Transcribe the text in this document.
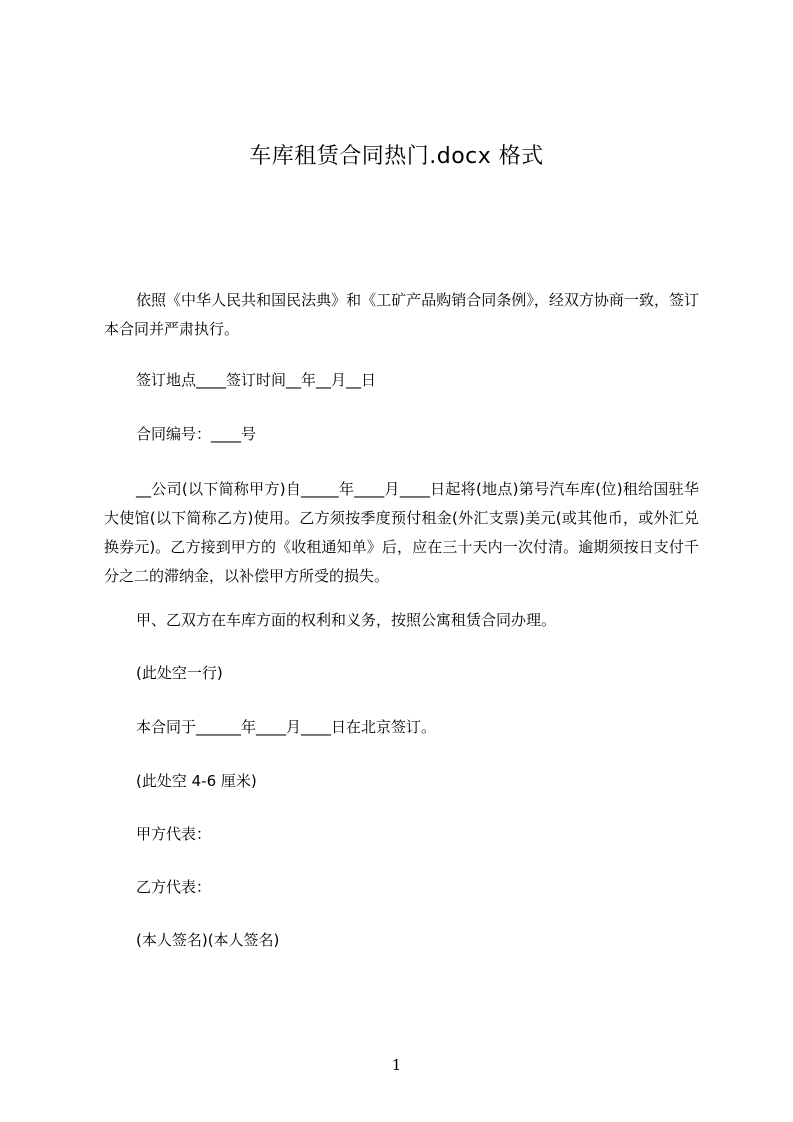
车库租赁合同热门.docx 格式
依照《中华人民共和国民法典》和《工矿产品购销合同条例》，经双方协商一致，签订本合同并严肃执行。
签订地点____签订时间__年__月__日
合同编号：____号
__公司(以下简称甲方)自_____年____月____日起将(地点)第号汽车库(位)租给国驻华大使馆(以下简称乙方)使用。乙方须按季度预付租金(外汇支票)美元(或其他币，或外汇兑换券元)。乙方接到甲方的《收租通知单》后，应在三十天内一次付清。逾期须按日支付千分之二的滞纳金，以补偿甲方所受的损失。
甲、乙双方在车库方面的权利和义务，按照公寓租赁合同办理。
(此处空一行)
本合同于______年____月____日在北京签订。
(此处空 4-6 厘米)
甲方代表：
乙方代表：
(本人签名)(本人签名)
1
